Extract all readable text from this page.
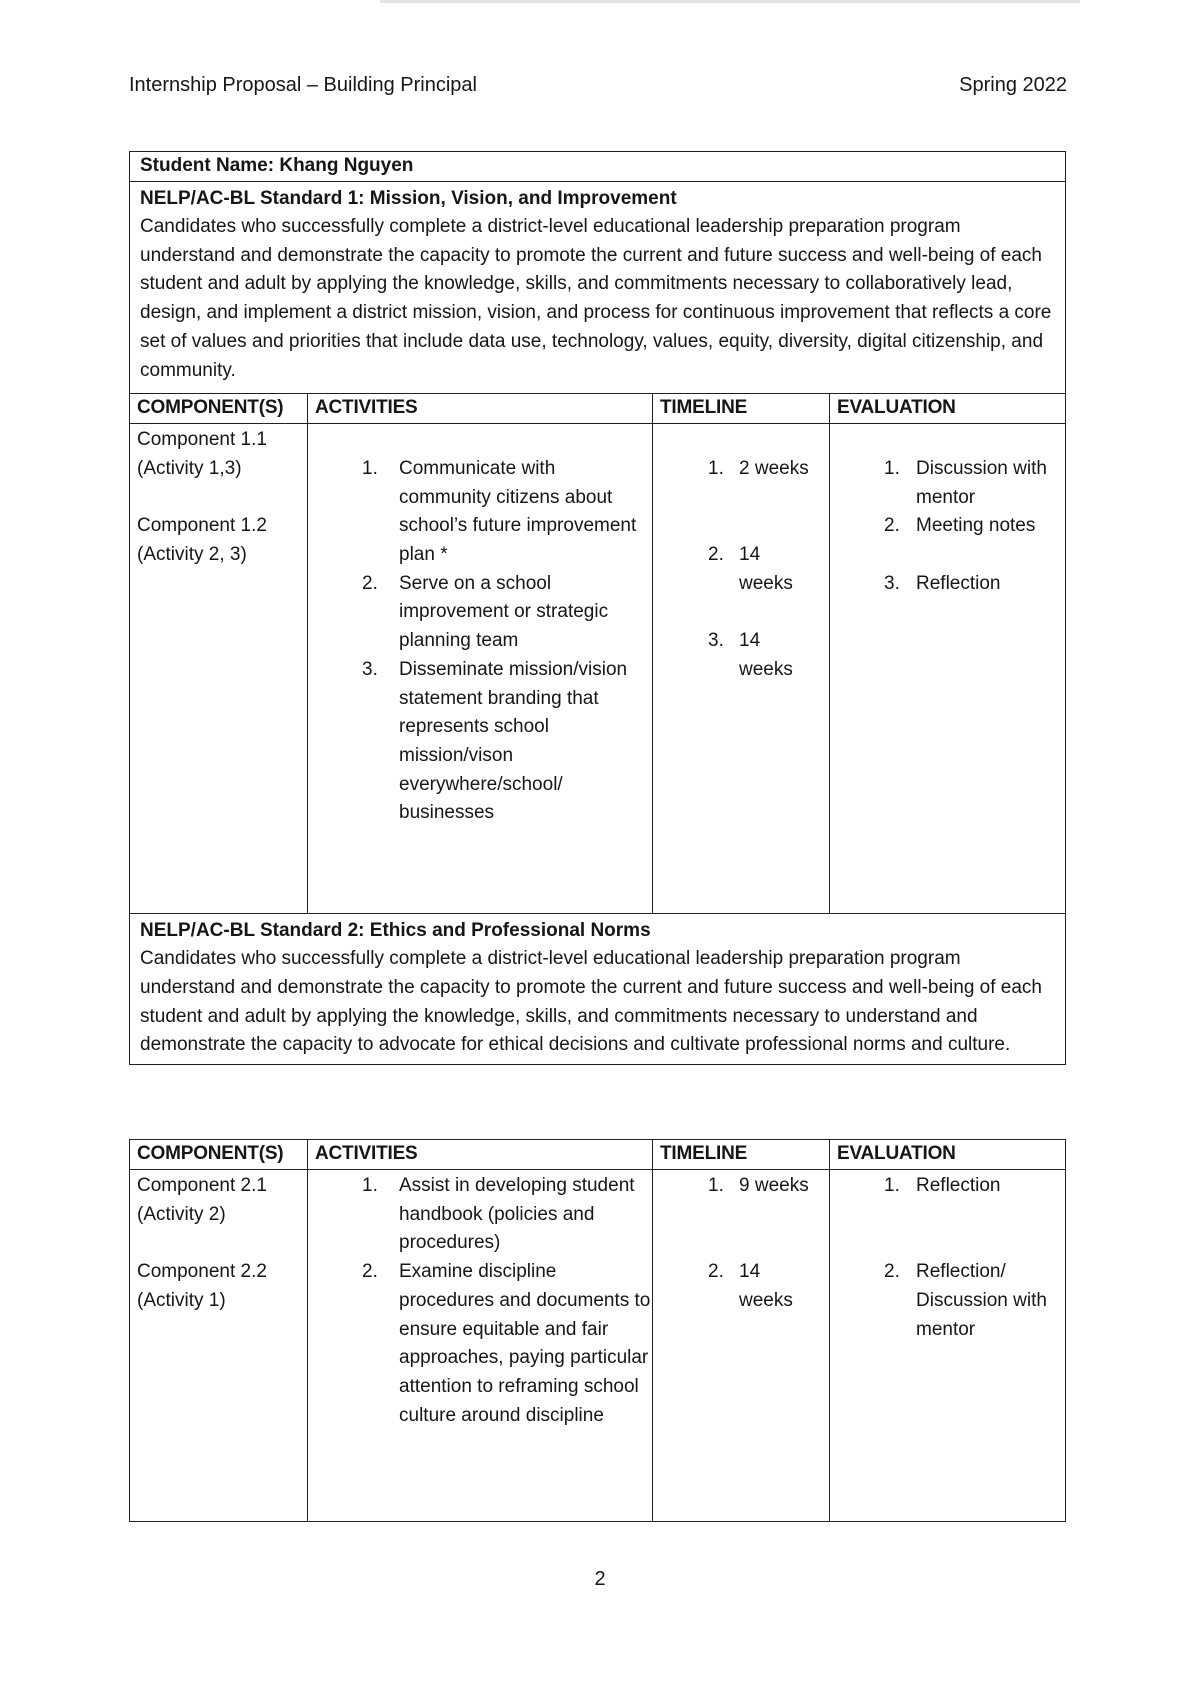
Internship Proposal – Building Principal	Spring 2022
Student Name: Khang Nguyen
NELP/AC-BL Standard 1: Mission, Vision, and Improvement
Candidates who successfully complete a district-level educational leadership preparation program understand and demonstrate the capacity to promote the current and future success and well-being of each student and adult by applying the knowledge, skills, and commitments necessary to collaboratively lead, design, and implement a district mission, vision, and process for continuous improvement that reflects a core set of values and priorities that include data use, technology, values, equity, diversity, digital citizenship, and community.
COMPONENT(S)
Component 1.1
(Activity 1,3)
Component 1.2
(Activity 2, 3)
ACTIVITIES
1. Communicate with community citizens about school’s future improvement plan *
2. Serve on a school improvement or strategic planning team
3. Disseminate mission/vision statement branding that represents school mission/vison everywhere/school/ businesses
TIMELINE
1. 2 weeks
2. 14 weeks
3. 14 weeks
EVALUATION
1. Discussion with mentor
2. Meeting notes
3. Reflection
NELP/AC-BL Standard 2: Ethics and Professional Norms
Candidates who successfully complete a district-level educational leadership preparation program understand and demonstrate the capacity to promote the current and future success and well-being of each student and adult by applying the knowledge, skills, and commitments necessary to understand and demonstrate the capacity to advocate for ethical decisions and cultivate professional norms and culture.
COMPONENT(S)
Component 2.1
(Activity 2)
Component 2.2
(Activity 1)
ACTIVITIES
1. Assist in developing student handbook (policies and procedures)
2. Examine discipline procedures and documents to ensure equitable and fair approaches, paying particular attention to reframing school culture around discipline
TIMELINE
1. 9 weeks
2. 14 weeks
EVALUATION
1. Reflection
2. Reflection/ Discussion with mentor
2
